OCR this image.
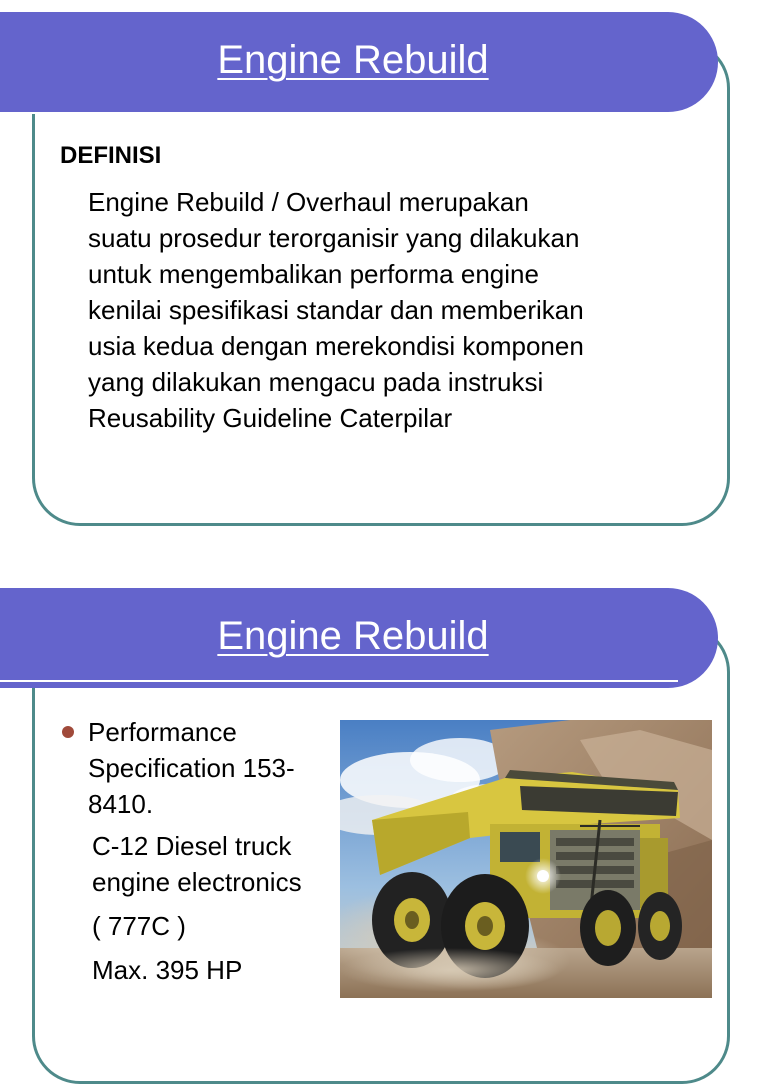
Engine Rebuild
DEFINISI
Engine Rebuild / Overhaul merupakan
suatu prosedur terorganisir yang dilakukan
untuk mengembalikan performa engine
kenilai spesifikasi standar dan memberikan
usia kedua dengan merekondisi komponen
yang dilakukan mengacu pada instruksi
Reusability Guideline Caterpilar
Engine Rebuild
Performance
Specification 153-
8410.
C-12 Diesel truck
engine electronics
( 777C )
Max. 395 HP
